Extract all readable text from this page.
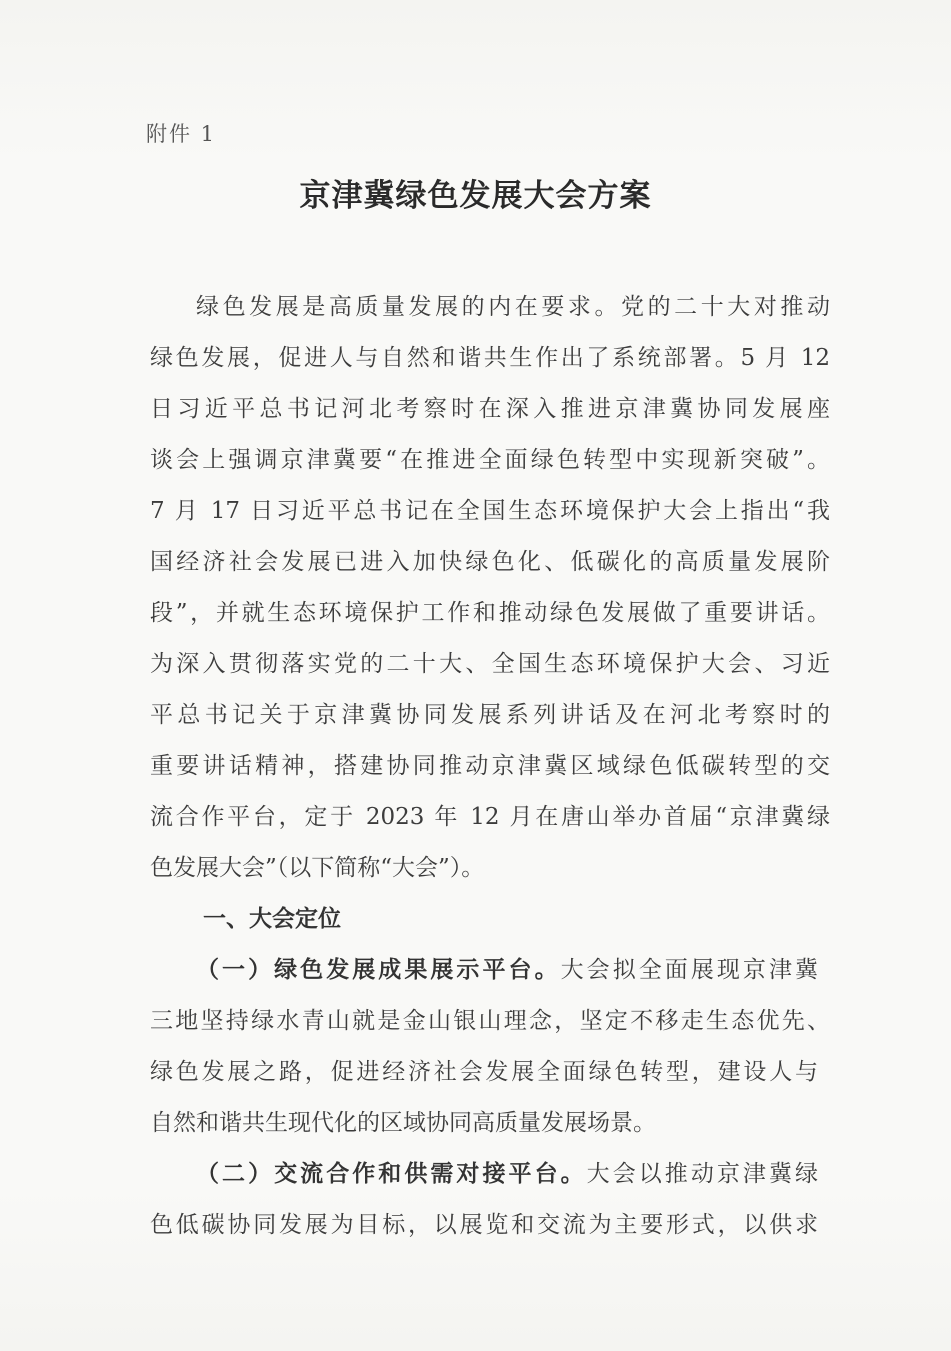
附件 1
京津冀绿色发展大会方案
绿色发展是高质量发展的内在要求。党的二十大对推动
绿色发展，促进人与自然和谐共生作出了系统部署。5 月 12
日习近平总书记河北考察时在深入推进京津冀协同发展座
谈会上强调京津冀要“在推进全面绿色转型中实现新突破”。
7 月 17 日习近平总书记在全国生态环境保护大会上指出“我
国经济社会发展已进入加快绿色化、低碳化的高质量发展阶
段”，并就生态环境保护工作和推动绿色发展做了重要讲话。
为深入贯彻落实党的二十大、全国生态环境保护大会、习近
平总书记关于京津冀协同发展系列讲话及在河北考察时的
重要讲话精神，搭建协同推动京津冀区域绿色低碳转型的交
流合作平台，定于 2023 年 12 月在唐山举办首届“京津冀绿
色发展大会”（以下简称“大会”）。
一、大会定位
（一）绿色发展成果展示平台。大会拟全面展现京津冀
三地坚持绿水青山就是金山银山理念，坚定不移走生态优先、
绿色发展之路，促进经济社会发展全面绿色转型，建设人与
自然和谐共生现代化的区域协同高质量发展场景。
（二）交流合作和供需对接平台。大会以推动京津冀绿
色低碳协同发展为目标，以展览和交流为主要形式，以供求
